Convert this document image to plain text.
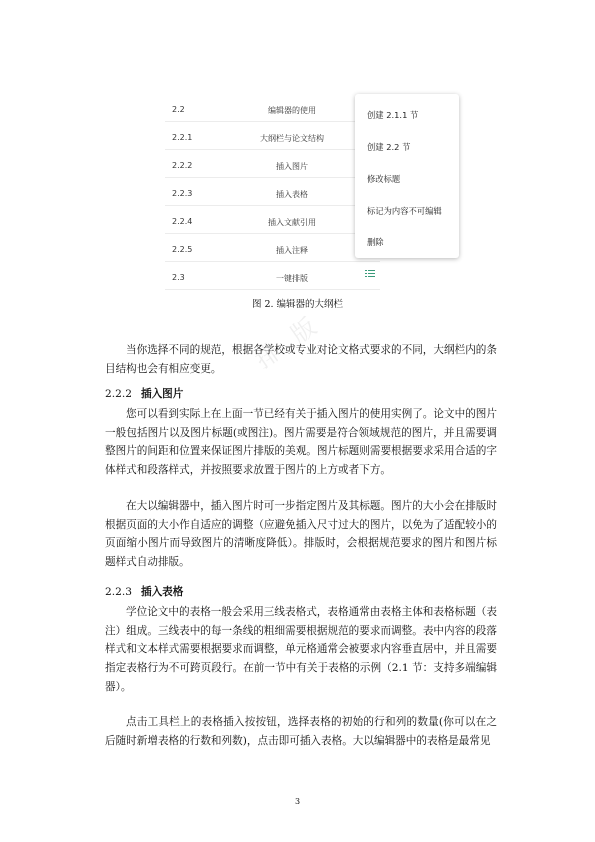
2.2	编辑器的使用
2.2.1	大纲栏与论文结构
2.2.2	插入图片
2.2.3	插入表格
2.2.4	插入文献引用
2.2.5	插入注释
2.3	一键排版
创建 2.1.1 节
创建 2.2 节
修改标题
标记为内容不可编辑
删除
图 2. 编辑器的大纲栏
排 版

当你选择不同的规范，根据各学校或专业对论文格式要求的不同，大纲栏内的条目结构也会有相应变更。

2.2.2 插入图片

您可以看到实际上在上面一节已经有关于插入图片的使用实例了。论文中的图片一般包括图片以及图片标题(或图注)。图片需要是符合领域规范的图片，并且需要调整图片的间距和位置来保证图片排版的美观。图片标题则需要根据要求采用合适的字体样式和段落样式，并按照要求放置于图片的上方或者下方。

在大以编辑器中，插入图片时可一步指定图片及其标题。图片的大小会在排版时根据页面的大小作自适应的调整（应避免插入尺寸过大的图片，以免为了适配较小的页面缩小图片而导致图片的清晰度降低）。排版时，会根据规范要求的图片和图片标题样式自动排版。

2.2.3 插入表格

学位论文中的表格一般会采用三线表格式，表格通常由表格主体和表格标题（表注）组成。三线表中的每一条线的粗细需要根据规范的要求而调整。表中内容的段落样式和文本样式需要根据要求而调整，单元格通常会被要求内容垂直居中，并且需要指定表格行为不可跨页段行。在前一节中有关于表格的示例（2.1 节：支持多端编辑器）。

点击工具栏上的表格插入按按钮，选择表格的初始的行和列的数量(你可以在之后随时新增表格的行数和列数)，点击即可插入表格。大以编辑器中的表格是最常见

3
